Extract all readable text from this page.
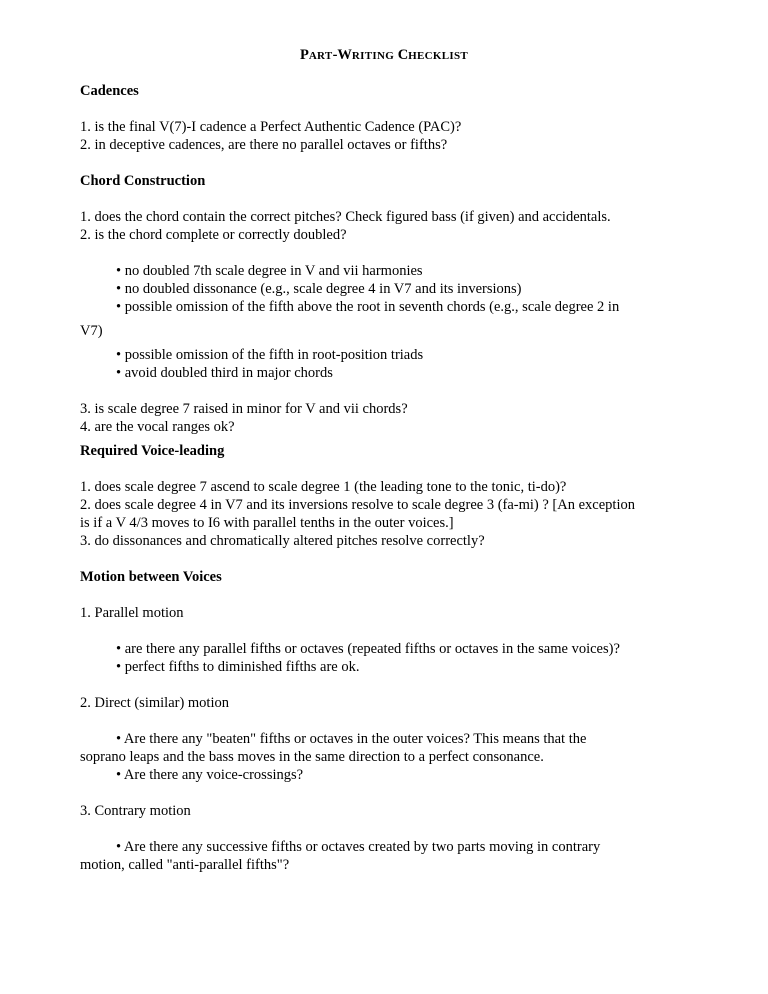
PART-WRITING CHECKLIST
Cadences

1. is the final V(7)-I cadence a Perfect Authentic Cadence (PAC)?

2. in deceptive cadences, are there no parallel octaves or fifths?

Chord Construction

1. does the chord contain the correct pitches? Check figured bass (if given) and accidentals.

2. is the chord complete or correctly doubled?

• no doubled 7th scale degree in V and vii harmonies

• no doubled dissonance (e.g., scale degree 4 in V7 and its inversions)

• possible omission of the fifth above the root in seventh chords (e.g., scale degree 2 in

V7)

• possible omission of the fifth in root-position triads

• avoid doubled third in major chords

3. is scale degree 7 raised in minor for V and vii chords?

4. are the vocal ranges ok?

Required Voice-leading

1. does scale degree 7 ascend to scale degree 1 (the leading tone to the tonic, ti-do)?

2. does scale degree 4 in V7 and its inversions resolve to scale degree 3 (fa-mi) ? [An exception

is if a V 4/3 moves to I6 with parallel tenths in the outer voices.]

3. do dissonances and chromatically altered pitches resolve correctly?

Motion between Voices

1. Parallel motion

• are there any parallel fifths or octaves (repeated fifths or octaves in the same voices)?

• perfect fifths to diminished fifths are ok.

2. Direct (similar) motion

• Are there any "beaten" fifths or octaves in the outer voices? This means that the

soprano leaps and the bass moves in the same direction to a perfect consonance.

• Are there any voice-crossings?

3. Contrary motion

• Are there any successive fifths or octaves created by two parts moving in contrary

motion, called "anti-parallel fifths"?
